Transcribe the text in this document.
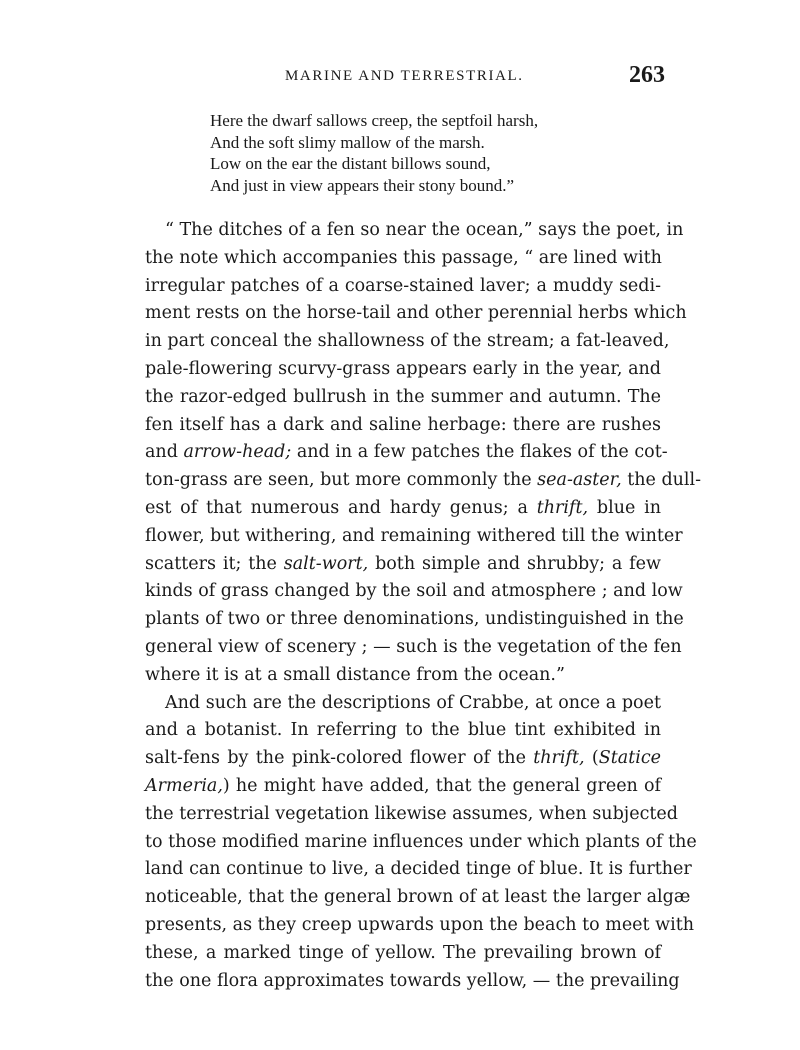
MARINE AND TERRESTRIAL.	263
Here the dwarf sallows creep, the septfoil harsh,
And the soft slimy mallow of the marsh.
Low on the ear the distant billows sound,
And just in view appears their stony bound.”
“ The ditches of a fen so near the ocean,” says the poet, in
the note which accompanies this passage, “ are lined with
irregular patches of a coarse-stained laver; a muddy sedi-
ment rests on the horse-tail and other perennial herbs which
in part conceal the shallowness of the stream; a fat-leaved,
pale-flowering scurvy-grass appears early in the year, and
the razor-edged bullrush in the summer and autumn. The
fen itself has a dark and saline herbage: there are rushes
and arrow-head; and in a few patches the flakes of the cot-
ton-grass are seen, but more commonly the sea-aster, the dull-
est of that numerous and hardy genus; a thrift, blue in
flower, but withering, and remaining withered till the winter
scatters it; the salt-wort, both simple and shrubby; a few
kinds of grass changed by the soil and atmosphere ; and low
plants of two or three denominations, undistinguished in the
general view of scenery ; — such is the vegetation of the fen
where it is at a small distance from the ocean.”
And such are the descriptions of Crabbe, at once a poet
and a botanist. In referring to the blue tint exhibited in
salt-fens by the pink-colored flower of the thrift, (Statice
Armeria,) he might have added, that the general green of
the terrestrial vegetation likewise assumes, when subjected
to those modified marine influences under which plants of the
land can continue to live, a decided tinge of blue. It is further
noticeable, that the general brown of at least the larger algæ
presents, as they creep upwards upon the beach to meet with
these, a marked tinge of yellow. The prevailing brown of
the one flora approximates towards yellow, — the prevailing
